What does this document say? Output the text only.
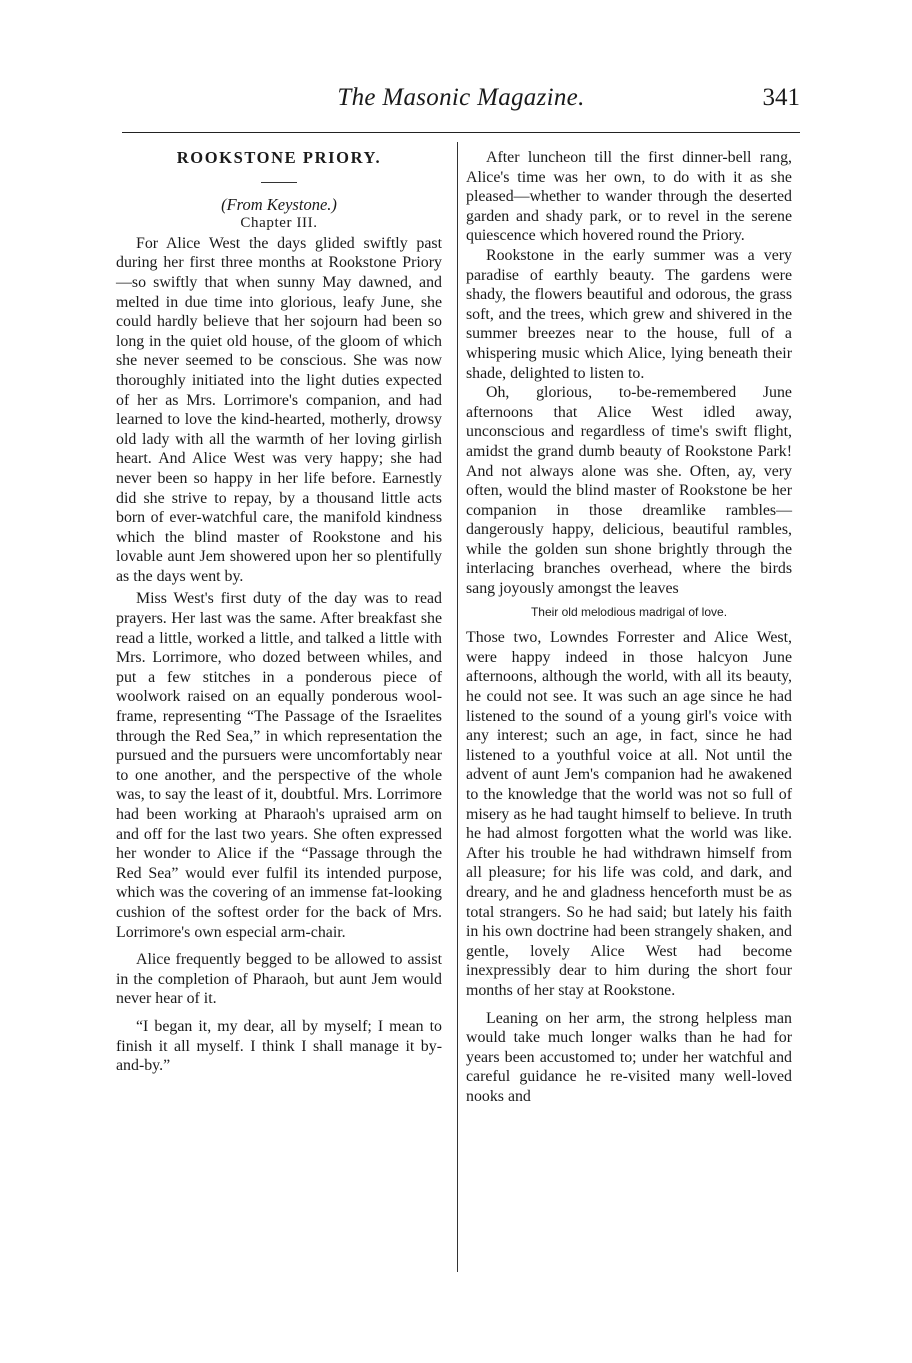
The Masonic Magazine.	341
ROOKSTONE PRIORY.

(From Keystone.)

Chapter III.

For Alice West the days glided swiftly past during her first three months at Rookstone Priory—so swiftly that when sunny May dawned, and melted in due time into glorious, leafy June, she could hardly believe that her sojourn had been so long in the quiet old house, of the gloom of which she never seemed to be conscious. She was now thoroughly initiated into the light duties expected of her as Mrs. Lorrimore's companion, and had learned to love the kind-hearted, motherly, drowsy old lady with all the warmth of her loving girlish heart. And Alice West was very happy; she had never been so happy in her life before. Earnestly did she strive to repay, by a thousand little acts born of ever-watchful care, the manifold kindness which the blind master of Rookstone and his lovable aunt Jem showered upon her so plentifully as the days went by.

Miss West's first duty of the day was to read prayers. Her last was the same. After breakfast she read a little, worked a little, and talked a little with Mrs. Lorrimore, who dozed between whiles, and put a few stitches in a ponderous piece of woolwork raised on an equally ponderous wool-frame, representing “The Passage of the Israelites through the Red Sea,” in which representation the pursued and the pursuers were uncomfortably near to one another, and the perspective of the whole was, to say the least of it, doubtful. Mrs. Lorrimore had been working at Pharaoh's upraised arm on and off for the last two years. She often expressed her wonder to Alice if the “Passage through the Red Sea” would ever fulfil its intended purpose, which was the covering of an immense fat-looking cushion of the softest order for the back of Mrs. Lorrimore's own especial arm-chair.

Alice frequently begged to be allowed to assist in the completion of Pharaoh, but aunt Jem would never hear of it.

“I began it, my dear, all by myself; I mean to finish it all myself. I think I shall manage it by-and-by.”

After luncheon till the first dinner-bell rang, Alice's time was her own, to do with it as she pleased—whether to wander through the deserted garden and shady park, or to revel in the serene quiescence which hovered round the Priory.

Rookstone in the early summer was a very paradise of earthly beauty. The gardens were shady, the flowers beautiful and odorous, the grass soft, and the trees, which grew and shivered in the summer breezes near to the house, full of a whispering music which Alice, lying beneath their shade, delighted to listen to.

Oh, glorious, to-be-remembered June afternoons that Alice West idled away, unconscious and regardless of time's swift flight, amidst the grand dumb beauty of Rookstone Park! And not always alone was she. Often, ay, very often, would the blind master of Rookstone be her companion in those dreamlike rambles—dangerously happy, delicious, beautiful rambles, while the golden sun shone brightly through the interlacing branches overhead, where the birds sang joyously amongst the leaves

Their old melodious madrigal of love.

Those two, Lowndes Forrester and Alice West, were happy indeed in those halcyon June afternoons, although the world, with all its beauty, he could not see. It was such an age since he had listened to the sound of a young girl's voice with any interest; such an age, in fact, since he had listened to a youthful voice at all. Not until the advent of aunt Jem's companion had he awakened to the knowledge that the world was not so full of misery as he had taught himself to believe. In truth he had almost forgotten what the world was like. After his trouble he had withdrawn himself from all pleasure; for his life was cold, and dark, and dreary, and he and gladness henceforth must be as total strangers. So he had said; but lately his faith in his own doctrine had been strangely shaken, and gentle, lovely Alice West had become inexpressibly dear to him during the short four months of her stay at Rookstone.

Leaning on her arm, the strong helpless man would take much longer walks than he had for years been accustomed to; under her watchful and careful guidance he re-visited many well-loved nooks and
